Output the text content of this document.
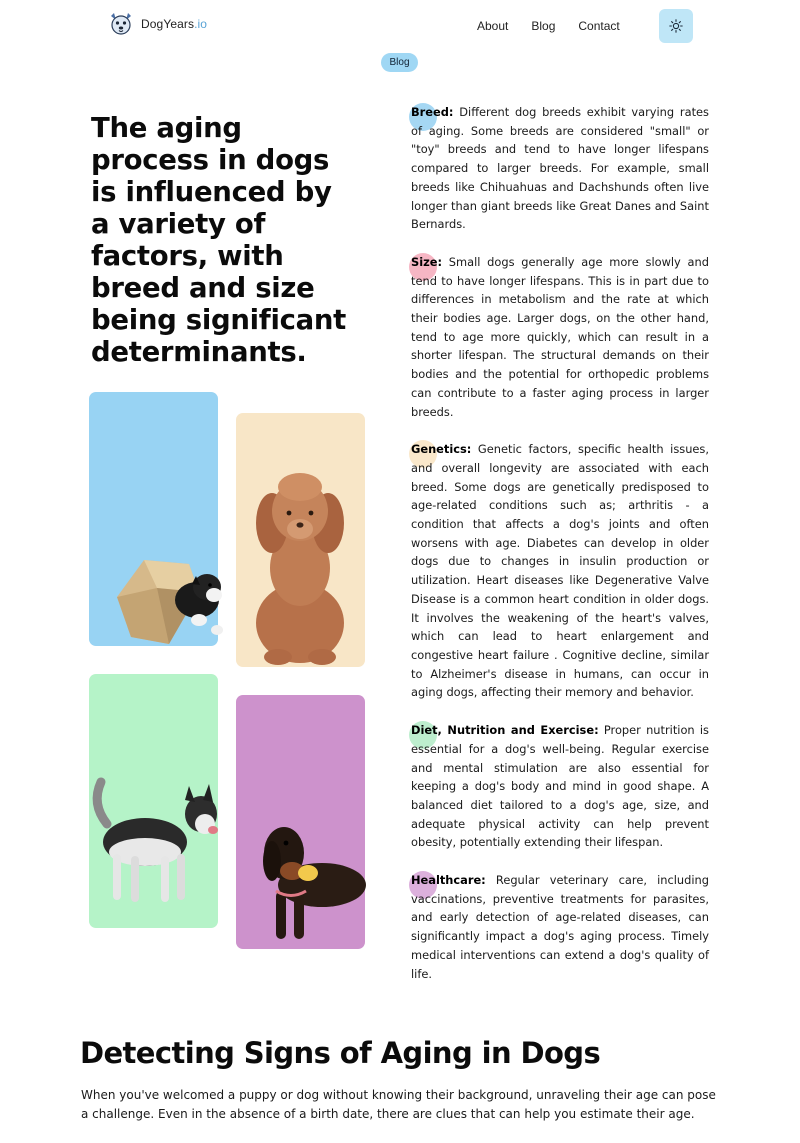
DogYears.io	About Blog Contact
Blog
The aging process in dogs is influenced by a variety of factors, with breed and size being significant determinants.
Breed: Different dog breeds exhibit varying rates of aging. Some breeds are considered "small" or "toy" breeds and tend to have longer lifespans compared to larger breeds. For example, small breeds like Chihuahuas and Dachshunds often live longer than giant breeds like Great Danes and Saint Bernards.
Size: Small dogs generally age more slowly and tend to have longer lifespans. This is in part due to differences in metabolism and the rate at which their bodies age. Larger dogs, on the other hand, tend to age more quickly, which can result in a shorter lifespan. The structural demands on their bodies and the potential for orthopedic problems can contribute to a faster aging process in larger breeds.
Genetics: Genetic factors, specific health issues, and overall longevity are associated with each breed. Some dogs are genetically predisposed to age-related conditions such as; arthritis - a condition that affects a dog's joints and often worsens with age. Diabetes can develop in older dogs due to changes in insulin production or utilization. Heart diseases like Degenerative Valve Disease is a common heart condition in older dogs. It involves the weakening of the heart's valves, which can lead to heart enlargement and congestive heart failure . Cognitive decline, similar to Alzheimer's disease in humans, can occur in aging dogs, affecting their memory and behavior.
Diet, Nutrition and Exercise: Proper nutrition is essential for a dog's well-being. Regular exercise and mental stimulation are also essential for keeping a dog's body and mind in good shape. A balanced diet tailored to a dog's age, size, and adequate physical activity can help prevent obesity, potentially extending their lifespan.
Healthcare: Regular veterinary care, including vaccinations, preventive treatments for parasites, and early detection of age-related diseases, can significantly impact a dog's aging process. Timely medical interventions can extend a dog's quality of life.
Detecting Signs of Aging in Dogs

When you've welcomed a puppy or dog without knowing their background, unraveling their age can pose a challenge. Even in the absence of a birth date, there are clues that can help you estimate their age.
